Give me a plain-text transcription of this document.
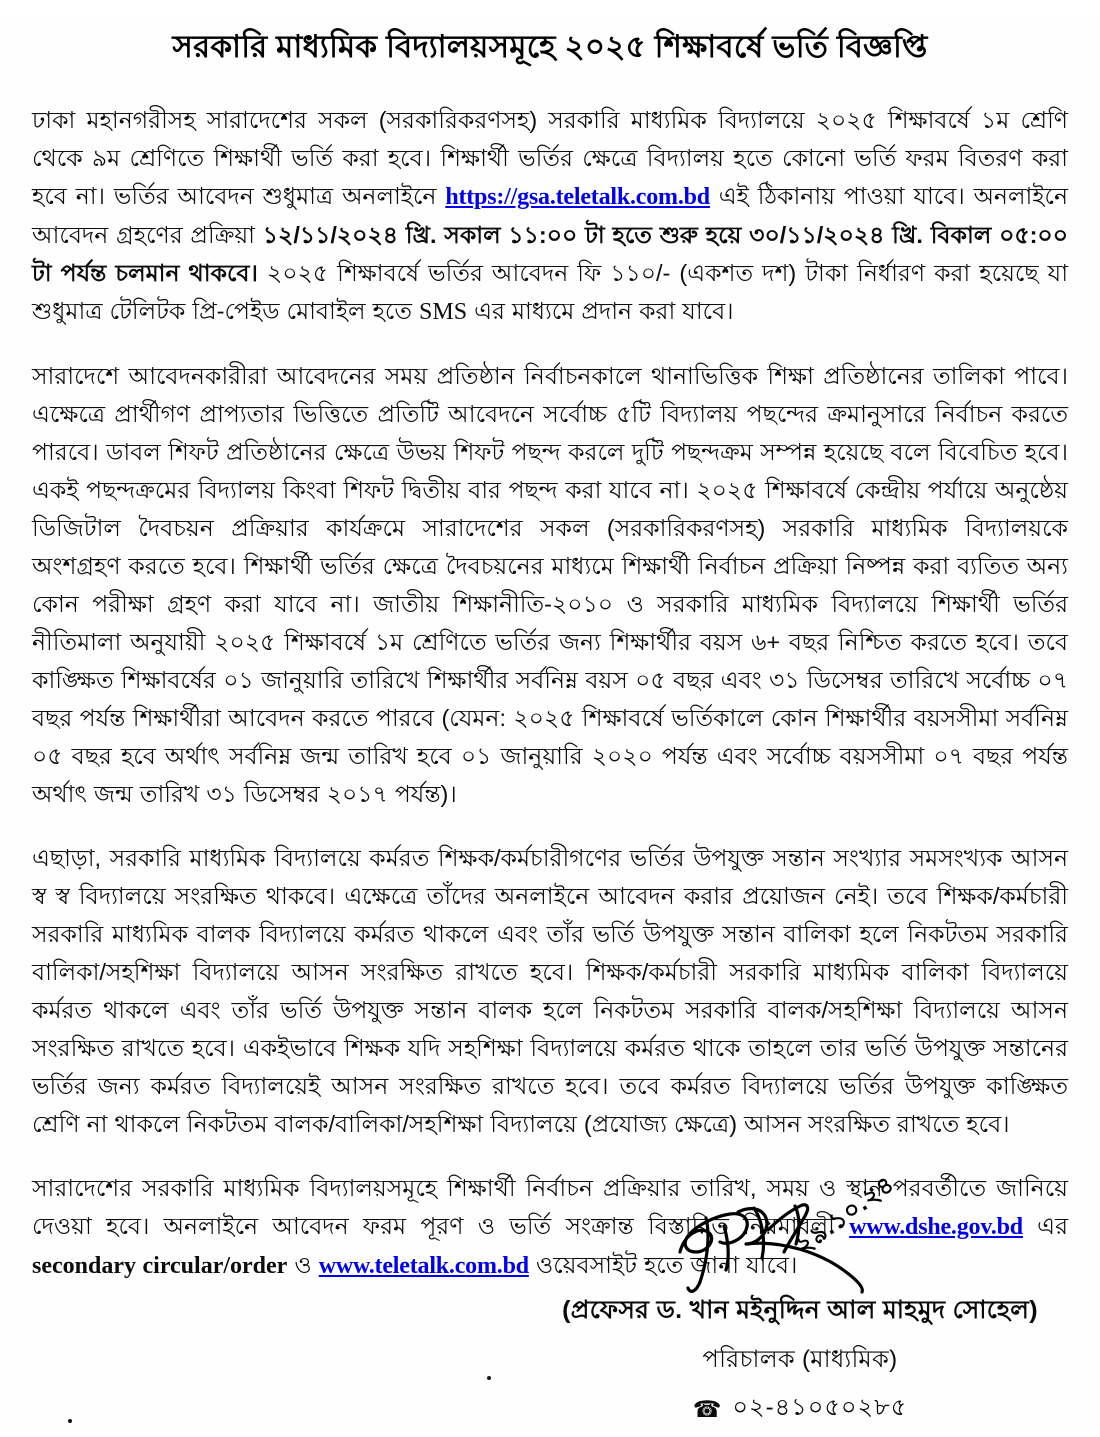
সরকারি মাধ্যমিক বিদ্যালয়সমূহে ২০২৫ শিক্ষাবর্ষে ভর্তি বিজ্ঞপ্তি

ঢাকা মহানগরীসহ সারাদেশের সকল (সরকারিকরণসহ) সরকারি মাধ্যমিক বিদ্যালয়ে ২০২৫ শিক্ষাবর্ষে ১ম শ্রেণি থেকে ৯ম শ্রেণিতে শিক্ষার্থী ভর্তি করা হবে। শিক্ষার্থী ভর্তির ক্ষেত্রে বিদ্যালয় হতে কোনো ভর্তি ফরম বিতরণ করা হবে না। ভর্তির আবেদন শুধুমাত্র অনলাইনে https://gsa.teletalk.com.bd এই ঠিকানায় পাওয়া যাবে। অনলাইনে আবেদন গ্রহণের প্রক্রিয়া ১২/১১/২০২৪ খ্রি. সকাল ১১:০০ টা হতে শুরু হয়ে ৩০/১১/২০২৪ খ্রি. বিকাল ০৫:০০ টা পর্যন্ত চলমান থাকবে। ২০২৫ শিক্ষাবর্ষে ভর্তির আবেদন ফি ১১০/- (একশত দশ) টাকা নির্ধারণ করা হয়েছে যা শুধুমাত্র টেলিটক প্রি-পেইড মোবাইল হতে SMS এর মাধ্যমে প্রদান করা যাবে।

সারাদেশে আবেদনকারীরা আবেদনের সময় প্রতিষ্ঠান নির্বাচনকালে থানাভিত্তিক শিক্ষা প্রতিষ্ঠানের তালিকা পাবে। এক্ষেত্রে প্রার্থীগণ প্রাপ্যতার ভিত্তিতে প্রতিটি আবেদনে সর্বোচ্চ ৫টি বিদ্যালয় পছন্দের ক্রমানুসারে নির্বাচন করতে পারবে। ডাবল শিফট প্রতিষ্ঠানের ক্ষেত্রে উভয় শিফট পছন্দ করলে দুটি পছন্দক্রম সম্পন্ন হয়েছে বলে বিবেচিত হবে। একই পছন্দক্রমের বিদ্যালয় কিংবা শিফট দ্বিতীয় বার পছন্দ করা যাবে না। ২০২৫ শিক্ষাবর্ষে কেন্দ্রীয় পর্যায়ে অনুষ্ঠেয় ডিজিটাল দৈবচয়ন প্রক্রিয়ার কার্যক্রমে সারাদেশের সকল (সরকারিকরণসহ) সরকারি মাধ্যমিক বিদ্যালয়কে অংশগ্রহণ করতে হবে। শিক্ষার্থী ভর্তির ক্ষেত্রে দৈবচয়নের মাধ্যমে শিক্ষার্থী নির্বাচন প্রক্রিয়া নিষ্পন্ন করা ব্যতিত অন্য কোন পরীক্ষা গ্রহণ করা যাবে না। জাতীয় শিক্ষানীতি-২০১০ ও সরকারি মাধ্যমিক বিদ্যালয়ে শিক্ষার্থী ভর্তির নীতিমালা অনুযায়ী ২০২৫ শিক্ষাবর্ষে ১ম শ্রেণিতে ভর্তির জন্য শিক্ষার্থীর বয়স ৬+ বছর নিশ্চিত করতে হবে। তবে কাঙ্ক্ষিত শিক্ষাবর্ষের ০১ জানুয়ারি তারিখে শিক্ষার্থীর সর্বনিম্ন বয়স ০৫ বছর এবং ৩১ ডিসেম্বর তারিখে সর্বোচ্চ ০৭ বছর পর্যন্ত শিক্ষার্থীরা আবেদন করতে পারবে (যেমন: ২০২৫ শিক্ষাবর্ষে ভর্তিকালে কোন শিক্ষার্থীর বয়সসীমা সর্বনিম্ন ০৫ বছর হবে অর্থাৎ সর্বনিম্ন জন্ম তারিখ হবে ০১ জানুয়ারি ২০২০ পর্যন্ত এবং সর্বোচ্চ বয়সসীমা ০৭ বছর পর্যন্ত অর্থাৎ জন্ম তারিখ ৩১ ডিসেম্বর ২০১৭ পর্যন্ত)।

এছাড়া, সরকারি মাধ্যমিক বিদ্যালয়ে কর্মরত শিক্ষক/কর্মচারীগণের ভর্তির উপযুক্ত সন্তান সংখ্যার সমসংখ্যক আসন স্ব স্ব বিদ্যালয়ে সংরক্ষিত থাকবে। এক্ষেত্রে তাঁদের অনলাইনে আবেদন করার প্রয়োজন নেই। তবে শিক্ষক/কর্মচারী সরকারি মাধ্যমিক বালক বিদ্যালয়ে কর্মরত থাকলে এবং তাঁর ভর্তি উপযুক্ত সন্তান বালিকা হলে নিকটতম সরকারি বালিকা/সহশিক্ষা বিদ্যালয়ে আসন সংরক্ষিত রাখতে হবে। শিক্ষক/কর্মচারী সরকারি মাধ্যমিক বালিকা বিদ্যালয়ে কর্মরত থাকলে এবং তাঁর ভর্তি উপযুক্ত সন্তান বালক হলে নিকটতম সরকারি বালক/সহশিক্ষা বিদ্যালয়ে আসন সংরক্ষিত রাখতে হবে। একইভাবে শিক্ষক যদি সহশিক্ষা বিদ্যালয়ে কর্মরত থাকে তাহলে তার ভর্তি উপযুক্ত সন্তানের ভর্তির জন্য কর্মরত বিদ্যালয়েই আসন সংরক্ষিত রাখতে হবে। তবে কর্মরত বিদ্যালয়ে ভর্তির উপযুক্ত কাঙ্ক্ষিত শ্রেণি না থাকলে নিকটতম বালক/বালিকা/সহশিক্ষা বিদ্যালয়ে (প্রযোজ্য ক্ষেত্রে) আসন সংরক্ষিত রাখতে হবে।

সারাদেশের সরকারি মাধ্যমিক বিদ্যালয়সমূহে শিক্ষার্থী নির্বাচন প্রক্রিয়ার তারিখ, সময় ও স্থান পরবর্তীতে জানিয়ে দেওয়া হবে। অনলাইনে আবেদন ফরম পূরণ ও ভর্তি সংক্রান্ত বিস্তারিত নিয়মাবলী www.dshe.gov.bd এর secondary circular/order ও www.teletalk.com.bd ওয়েবসাইট হতে জানা যাবে।

২৯.১০.২৪
(প্রফেসর ড. খান মইনুদ্দিন আল মাহমুদ সোহেল)
পরিচালক (মাধ্যমিক)
☎ ০২-৪১০৫০২৮৫
